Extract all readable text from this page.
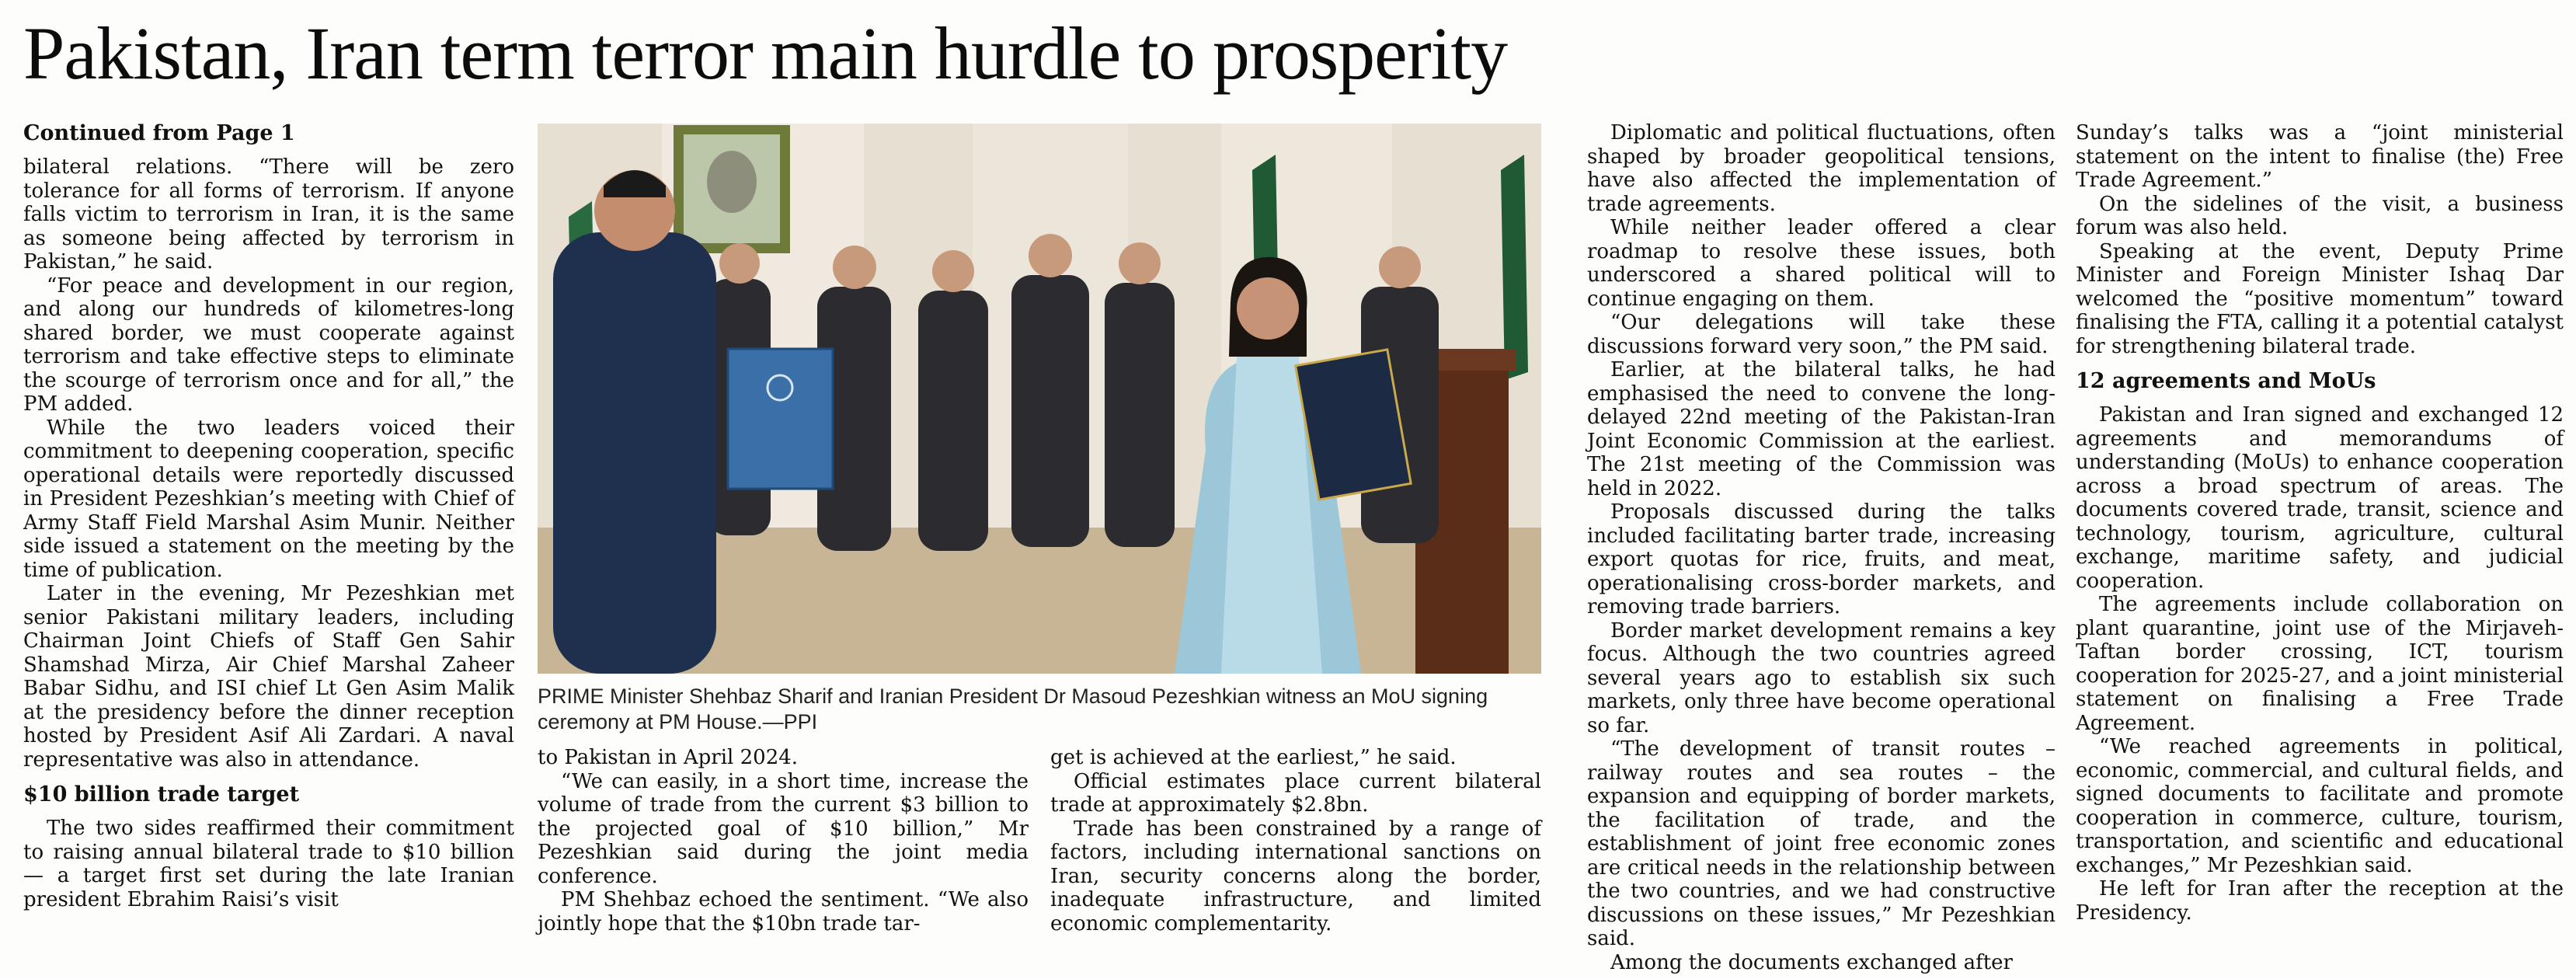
Pakistan, Iran term terror main hurdle to prosperity
Continued from Page 1

bilateral relations. “There will be zero tolerance for all forms of terrorism. If anyone falls victim to terrorism in Iran, it is the same as someone being affected by terrorism in Pakistan,” he said.

“For peace and development in our region, and along our hundreds of kilometres-long shared border, we must cooperate against terrorism and take effective steps to eliminate the scourge of terrorism once and for all,” the PM added.

While the two leaders voiced their commitment to deepening cooperation, specific operational details were reportedly discussed in President Pezeshkian’s meeting with Chief of Army Staff Field Marshal Asim Munir. Neither side issued a statement on the meeting by the time of publication.

Later in the evening, Mr Pezeshkian met senior Pakistani military leaders, including Chairman Joint Chiefs of Staff Gen Sahir Shamshad Mirza, Air Chief Marshal Zaheer Babar Sidhu, and ISI chief Lt Gen Asim Malik at the presidency before the dinner reception hosted by President Asif Ali Zardari. A naval representative was also in attendance.

$10 billion trade target

The two sides reaffirmed their commitment to raising annual bilateral trade to $10 billion — a target first set during the late Iranian president Ebrahim Raisi’s visit

PRIME Minister Shehbaz Sharif and Iranian President Dr Masoud Pezeshkian witness an MoU signing ceremony at PM House.—PPI

to Pakistan in April 2024.

“We can easily, in a short time, increase the volume of trade from the current $3 billion to the projected goal of $10 billion,” Mr Pezeshkian said during the joint media conference.

PM Shehbaz echoed the sentiment. “We also jointly hope that the $10bn trade tar-

get is achieved at the earliest,” he said.

Official estimates place current bilateral trade at approximately $2.8bn.

Trade has been constrained by a range of factors, including international sanctions on Iran, security concerns along the border, inadequate infrastructure, and limited economic complementarity.

Diplomatic and political fluctuations, often shaped by broader geopolitical tensions, have also affected the implementation of trade agreements.

While neither leader offered a clear roadmap to resolve these issues, both underscored a shared political will to continue engaging on them.

“Our delegations will take these discussions forward very soon,” the PM said.

Earlier, at the bilateral talks, he had emphasised the need to convene the long-delayed 22nd meeting of the Pakistan-Iran Joint Economic Commission at the earliest. The 21st meeting of the Commission was held in 2022.

Proposals discussed during the talks included facilitating barter trade, increasing export quotas for rice, fruits, and meat, operationalising cross-border markets, and removing trade barriers.

Border market development remains a key focus. Although the two countries agreed several years ago to establish six such markets, only three have become operational so far.

“The development of transit routes – railway routes and sea routes – the expansion and equipping of border markets, the facilitation of trade, and the establishment of joint free economic zones are critical needs in the relationship between the two countries, and we had constructive discussions on these issues,” Mr Pezeshkian said.

Among the documents exchanged after

Sunday’s talks was a “joint ministerial statement on the intent to finalise (the) Free Trade Agreement.”

On the sidelines of the visit, a business forum was also held.

Speaking at the event, Deputy Prime Minister and Foreign Minister Ishaq Dar welcomed the “positive momentum” toward finalising the FTA, calling it a potential catalyst for strengthening bilateral trade.

12 agreements and MoUs

Pakistan and Iran signed and exchanged 12 agreements and memorandums of understanding (MoUs) to enhance cooperation across a broad spectrum of areas. The documents covered trade, transit, science and technology, tourism, agriculture, cultural exchange, maritime safety, and judicial cooperation.

The agreements include collaboration on plant quarantine, joint use of the Mirjaveh-Taftan border crossing, ICT, tourism cooperation for 2025-27, and a joint ministerial statement on finalising a Free Trade Agreement.

“We reached agreements in political, economic, commercial, and cultural fields, and signed documents to facilitate and promote cooperation in commerce, culture, tourism, transportation, and scientific and educational exchanges,” Mr Pezeshkian said.

He left for Iran after the reception at the Presidency.
